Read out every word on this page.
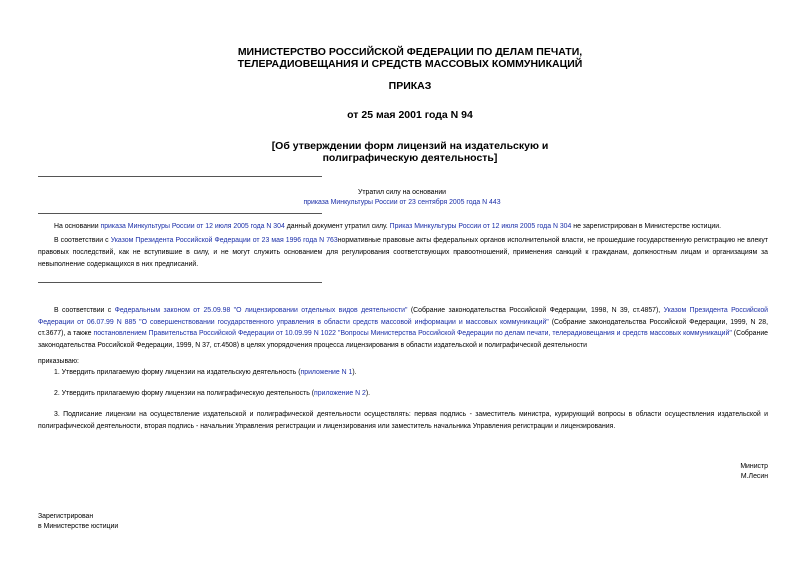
МИНИСТЕРСТВО РОССИЙСКОЙ ФЕДЕРАЦИИ ПО ДЕЛАМ ПЕЧАТИ,
ТЕЛЕРАДИОВЕЩАНИЯ И СРЕДСТВ МАССОВЫХ КОММУНИКАЦИЙ
ПРИКАЗ
от 25 мая 2001 года N 94
[Об утверждении форм лицензий на издательскую и
полиграфическую деятельность]
Утратил силу на основании
приказа Минкультуры России от 23 сентября 2005 года N 443
На основании приказа Минкультуры России от 12 июля 2005 года N 304 данный документ утратил силу. Приказ Минкультуры России от 12 июля 2005 года N 304 не зарегистрирован в Министерстве юстиции.
В соответствии с Указом Президента Российской Федерации от 23 мая 1996 года N 763нормативные правовые акты федеральных органов исполнительной власти, не прошедшие государственную регистрацию не влекут правовых последствий, как не вступившие в силу, и не могут служить основанием для регулирования соответствующих правоотношений, применения санкций к гражданам, должностным лицам и организациям за невыполнение содержащихся в них предписаний.
В соответствии с Федеральным законом от 25.09.98 "О лицензировании отдельных видов деятельности" (Собрание законодательства Российской Федерации, 1998, N 39, ст.4857), Указом Президента Российской Федерации от 06.07.99 N 885 "О совершенствовании государственного управления в области средств массовой информации и массовых коммуникаций" (Собрание законодательства Российской Федерации, 1999, N 28, ст.3677), а также постановлением Правительства Российской Федерации от 10.09.99 N 1022 "Вопросы Министерства Российской Федерации по делам печати, телерадиовещания и средств массовых коммуникаций" (Собрание законодательства Российской Федерации, 1999, N 37, ст.4508) в целях упорядочения процесса лицензирования в области издательской и полиграфической деятельности
приказываю:
1. Утвердить прилагаемую форму лицензии на издательскую деятельность (приложение N 1).
2. Утвердить прилагаемую форму лицензии на полиграфическую деятельность (приложение N 2).
3. Подписание лицензии на осуществление издательской и полиграфической деятельности осуществлять: первая подпись - заместитель министра, курирующий вопросы в области осуществления издательской и полиграфической деятельности, вторая подпись - начальник Управления регистрации и лицензирования или заместитель начальника Управления регистрации и лицензирования.
Министр
М.Лесин
Зарегистрирован
в Министерстве юстиции
